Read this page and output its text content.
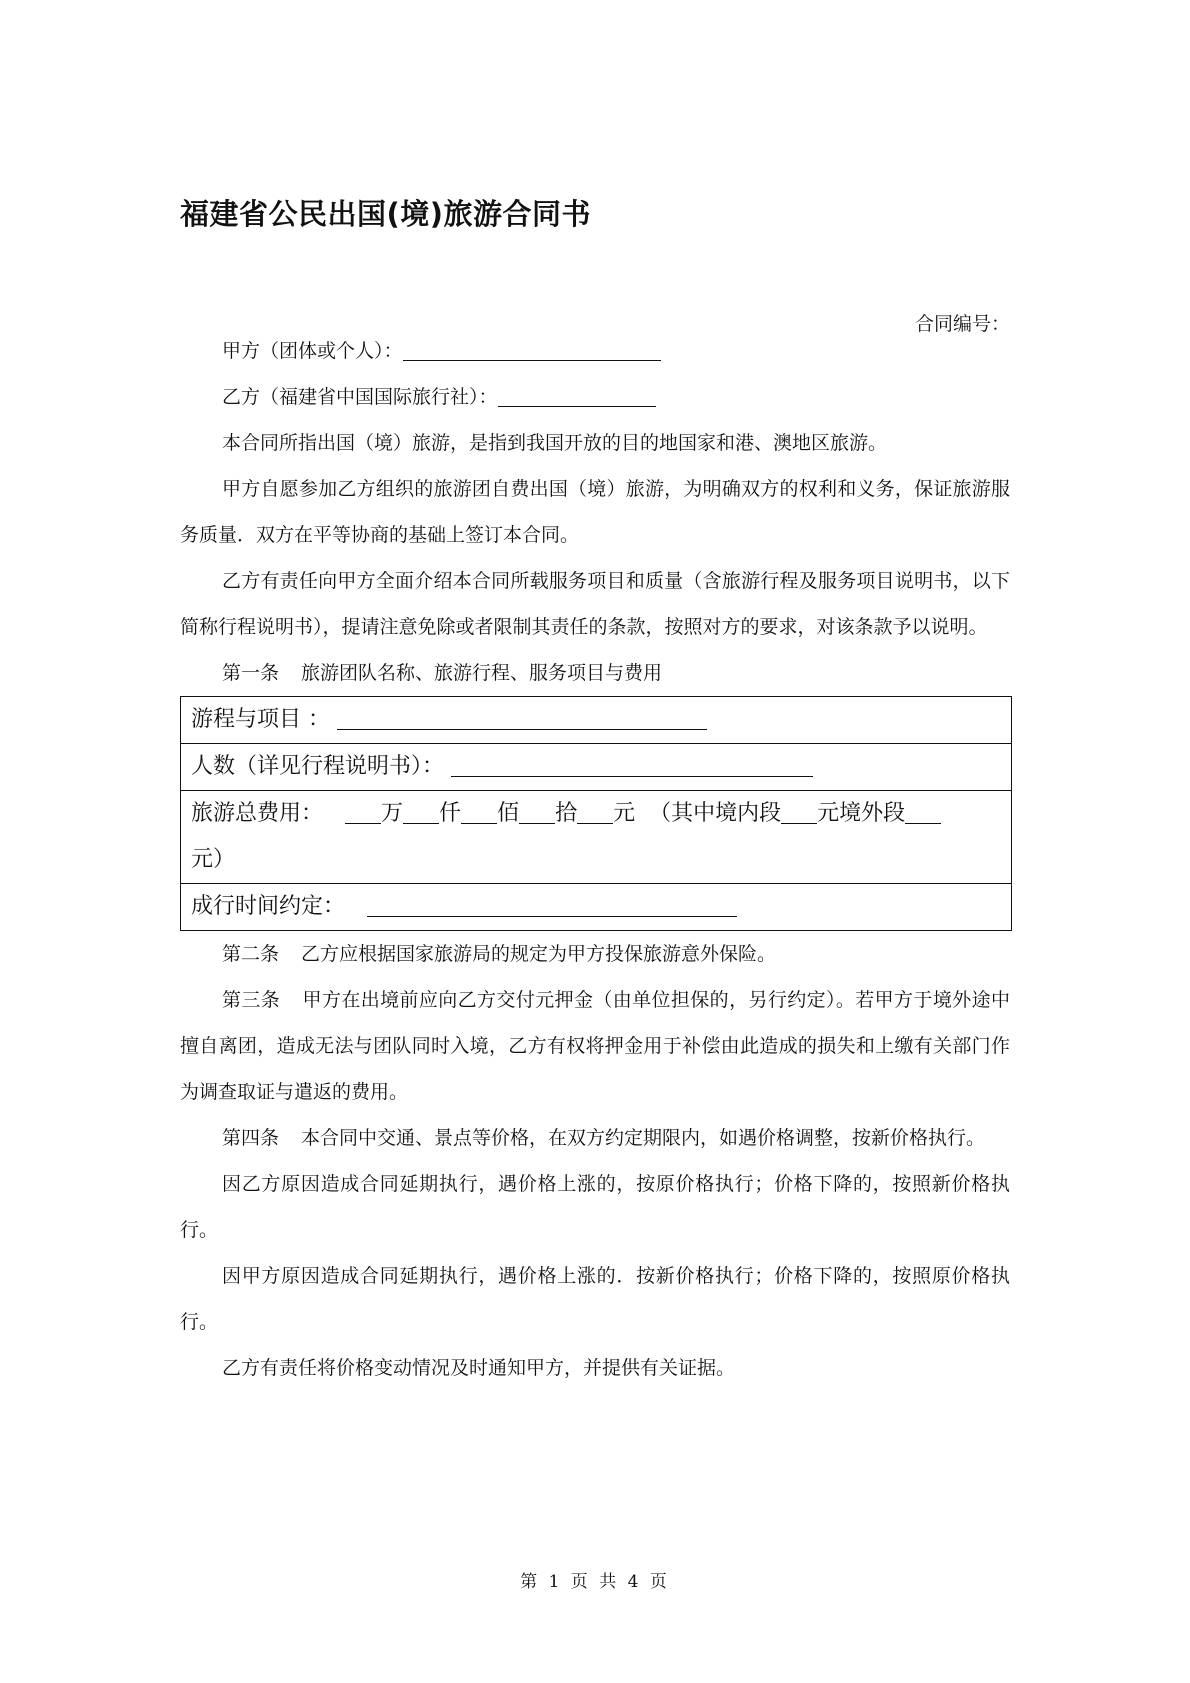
福建省公民出国(境)旅游合同书
合同编号：

甲方（团体或个人）：

乙方（福建省中国国际旅行社）：

本合同所指出国（境）旅游，是指到我国开放的目的地国家和港、澳地区旅游。

甲方自愿参加乙方组织的旅游团自费出国（境）旅游，为明确双方的权利和义务，保证旅游服务质量．双方在平等协商的基础上签订本合同。

乙方有责任向甲方全面介绍本合同所载服务项目和质量（含旅游行程及服务项目说明书，以下简称行程说明书），提请注意免除或者限制其责任的条款，按照对方的要求，对该条款予以说明。

第一条 旅游团队名称、旅游行程、服务项目与费用

游程与项目 ：
人数（详见行程说明书）：
旅游总费用：	万 仟 佰 拾 元 （其中境内段 元境外段
元）
成行时间约定：

第二条 乙方应根据国家旅游局的规定为甲方投保旅游意外保险。

第三条 甲方在出境前应向乙方交付元押金（由单位担保的，另行约定）。若甲方于境外途中擅自离团，造成无法与团队同时入境，乙方有权将押金用于补偿由此造成的损失和上缴有关部门作为调查取证与遣返的费用。

第四条 本合同中交通、景点等价格，在双方约定期限内，如遇价格调整，按新价格执行。

因乙方原因造成合同延期执行，遇价格上涨的，按原价格执行；价格下降的，按照新价格执行。

因甲方原因造成合同延期执行，遇价格上涨的．按新价格执行；价格下降的，按照原价格执行。

乙方有责任将价格变动情况及时通知甲方，并提供有关证据。

第 1 页 共 4 页
